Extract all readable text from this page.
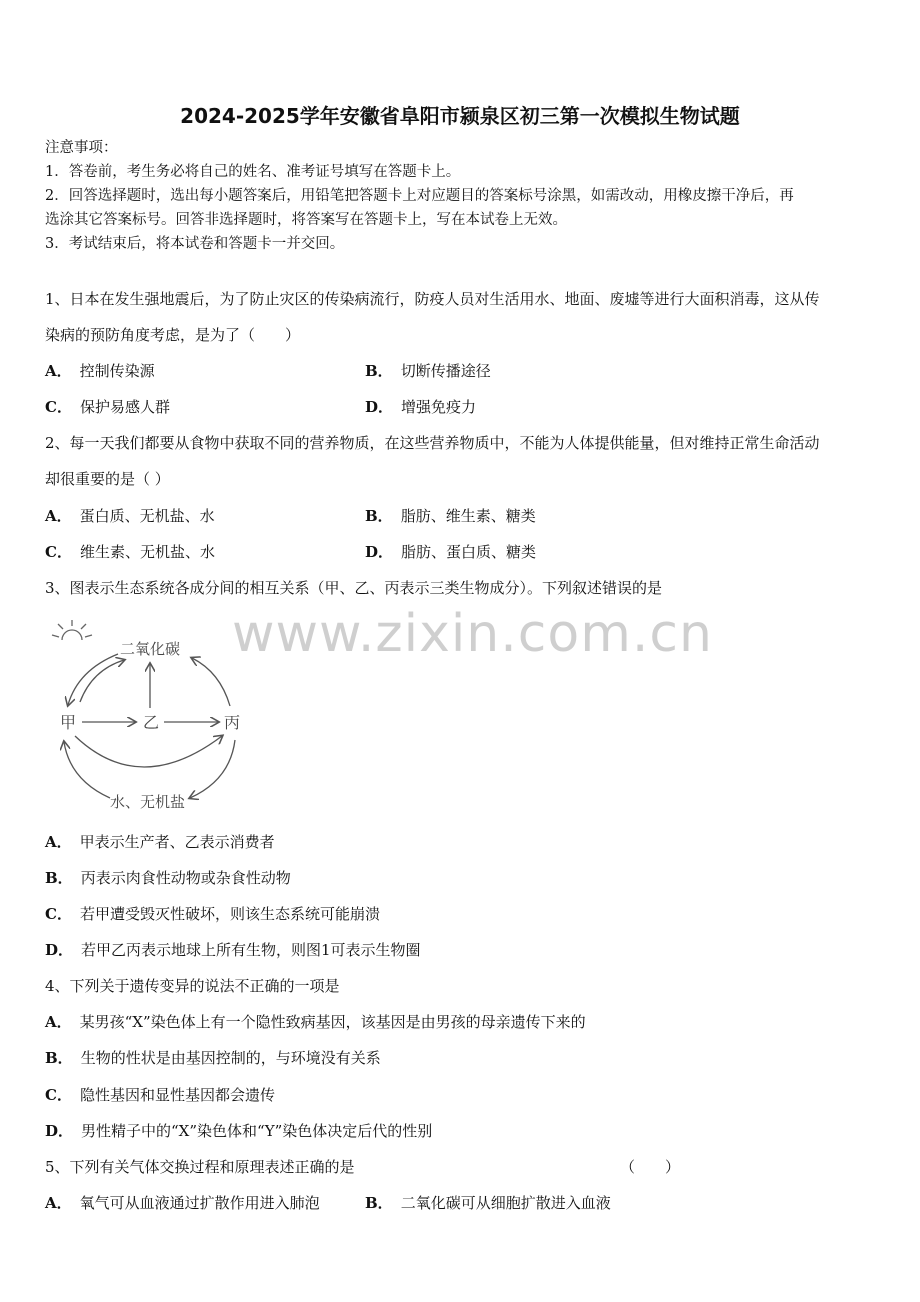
2024-2025学年安徽省阜阳市颍泉区初三第一次模拟生物试题
注意事项：
1．答卷前，考生务必将自己的姓名、准考证号填写在答题卡上。
2．回答选择题时，选出每小题答案后，用铅笔把答题卡上对应题目的答案标号涂黑，如需改动，用橡皮擦干净后，再
选涂其它答案标号。回答非选择题时，将答案写在答题卡上，写在本试卷上无效。
3．考试结束后，将本试卷和答题卡一并交回。
1、日本在发生强地震后，为了防止灾区的传染病流行，防疫人员对生活用水、地面、废墟等进行大面积消毒，这从传
染病的预防角度考虑，是为了（　　）
A． 控制传染源	B． 切断传播途径
C． 保护易感人群	D． 增强免疫力
2、每一天我们都要从食物中获取不同的营养物质，在这些营养物质中，不能为人体提供能量，但对维持正常生命活动
却很重要的是（ ）
A． 蛋白质、无机盐、水	B． 脂肪、维生素、糖类
C． 维生素、无机盐、水	D． 脂肪、蛋白质、糖类
3、图表示生态系统各成分间的相互关系（甲、乙、丙表示三类生物成分）。下列叙述错误的是
www.zixin.com.cn
二氧化碳
甲	乙	丙
水、无机盐
A． 甲表示生产者、乙表示消费者
B． 丙表示肉食性动物或杂食性动物
C． 若甲遭受毁灭性破坏，则该生态系统可能崩溃
D． 若甲乙丙表示地球上所有生物，则图1可表示生物圈
4、下列关于遗传变异的说法不正确的一项是
A． 某男孩“X”染色体上有一个隐性致病基因，该基因是由男孩的母亲遗传下来的
B． 生物的性状是由基因控制的，与环境没有关系
C． 隐性基因和显性基因都会遗传
D． 男性精子中的“X”染色体和“Y”染色体决定后代的性别
5、下列有关气体交换过程和原理表述正确的是	（　　）
A． 氧气可从血液通过扩散作用进入肺泡	B． 二氧化碳可从细胞扩散进入血液
